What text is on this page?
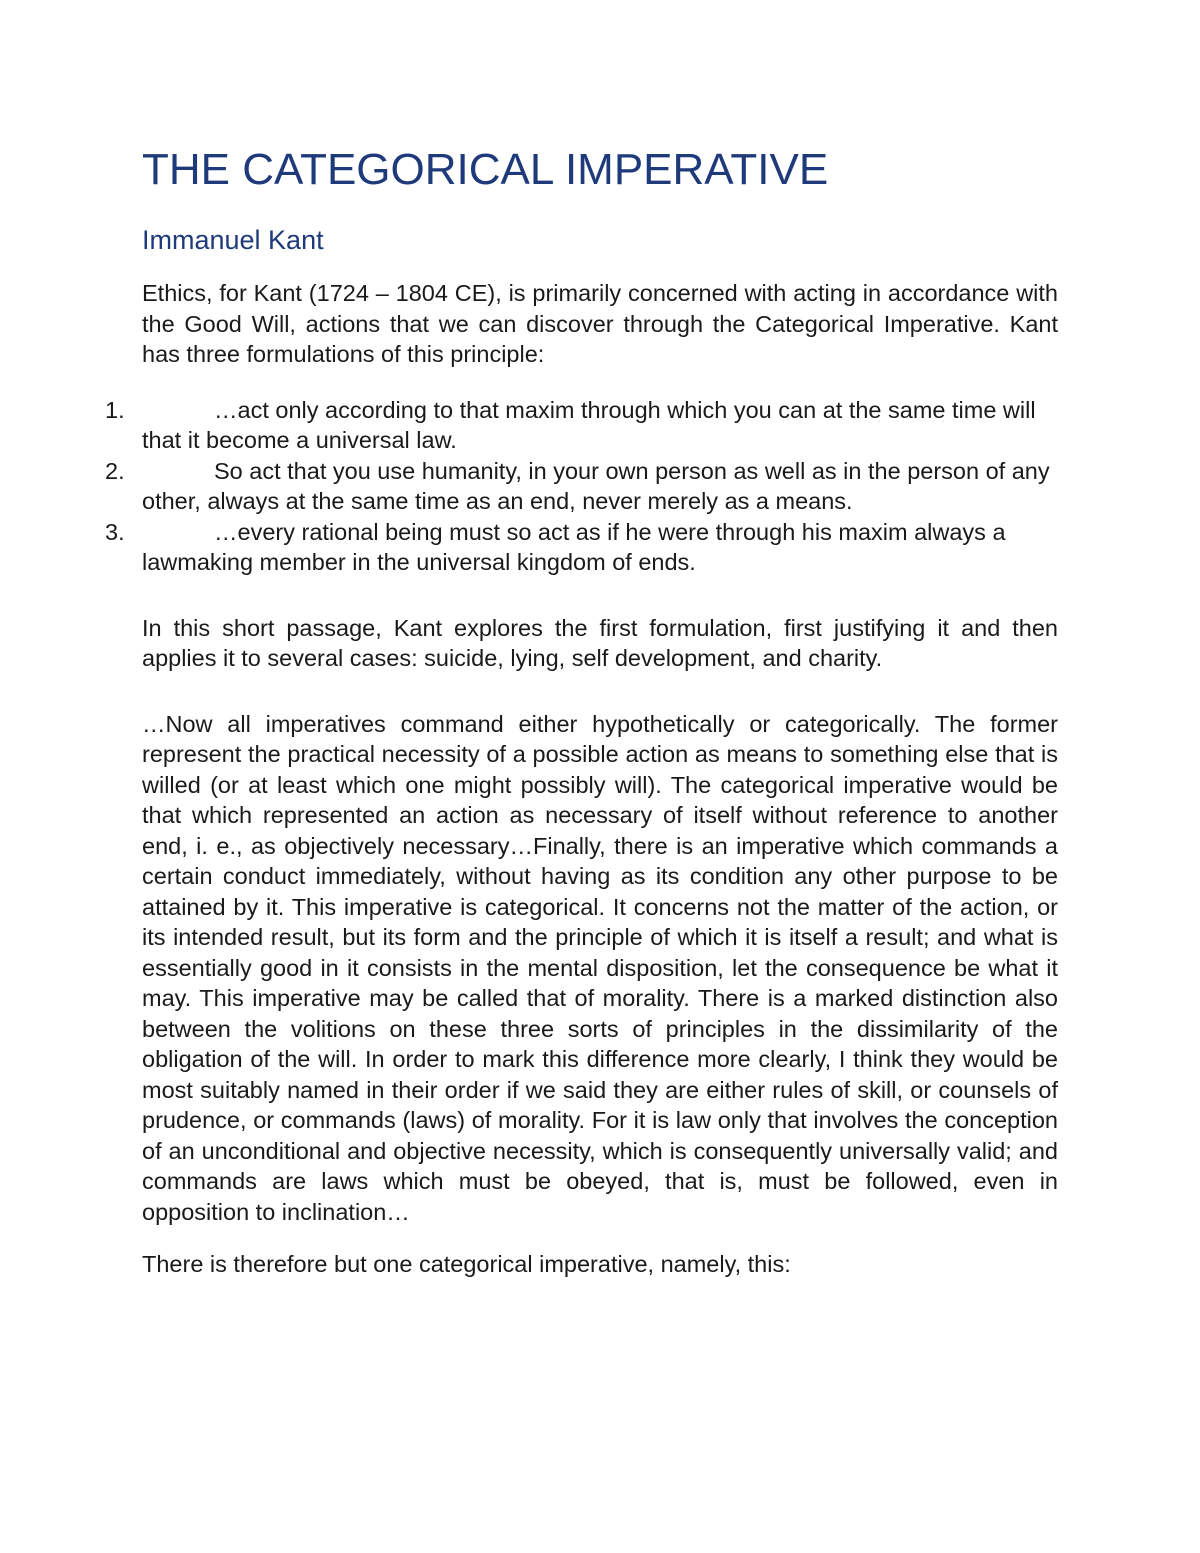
THE CATEGORICAL IMPERATIVE
Immanuel Kant

Ethics, for Kant (1724 – 1804 CE), is primarily concerned with acting in accordance with the Good Will, actions that we can discover through the Categorical Imperative. Kant has three formulations of this principle:

1.	…act only according to that maxim through which you can at the same time will that it become a universal law.
2.	So act that you use humanity, in your own person as well as in the person of any other, always at the same time as an end, never merely as a means.
3.	…every rational being must so act as if he were through his maxim always a lawmaking member in the universal kingdom of ends.

In this short passage, Kant explores the first formulation, first justifying it and then applies it to several cases: suicide, lying, self development, and charity.

…Now all imperatives command either hypothetically or categorically. The former represent the practical necessity of a possible action as means to something else that is willed (or at least which one might possibly will). The categorical imperative would be that which represented an action as necessary of itself without reference to another end, i. e., as objectively necessary…Finally, there is an imperative which commands a certain conduct immediately, without having as its condition any other purpose to be attained by it. This imperative is categorical. It concerns not the matter of the action, or its intended result, but its form and the principle of which it is itself a result; and what is essentially good in it consists in the mental disposition, let the consequence be what it may. This imperative may be called that of morality. There is a marked distinction also between the volitions on these three sorts of principles in the dissimilarity of the obligation of the will. In order to mark this difference more clearly, I think they would be most suitably named in their order if we said they are either rules of skill, or counsels of prudence, or commands (laws) of morality. For it is law only that involves the conception of an unconditional and objective necessity, which is consequently universally valid; and commands are laws which must be obeyed, that is, must be followed, even in opposition to inclination…

There is therefore but one categorical imperative, namely, this:
